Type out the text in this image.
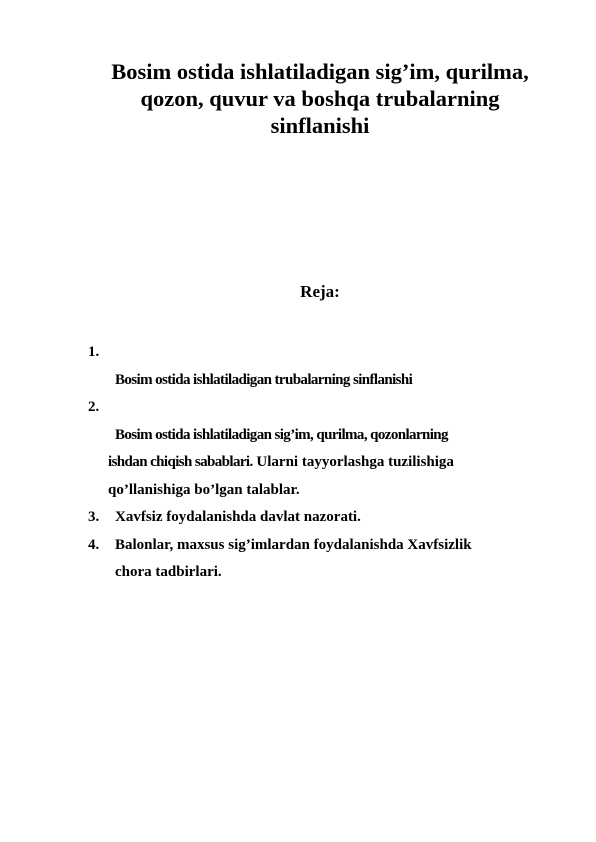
Bosim ostida ishlatiladigan sig’im, qurilma,
qozon, quvur va boshqa trubalarning
sinflanishi
Reja:
1.
Bosim ostida ishlatiladigan trubalarning sinflanishi
2.
Bosim ostida ishlatiladigan sig’im, qurilma, qozonlarning
ishdan chiqish sabablari. Ularni tayyorlashga tuzilishiga
qo’llanishiga bo’lgan talablar.
3. Xavfsiz foydalanishda davlat nazorati.
4. Balonlar, maxsus sig’imlardan foydalanishda Xavfsizlik
chora tadbirlari.
